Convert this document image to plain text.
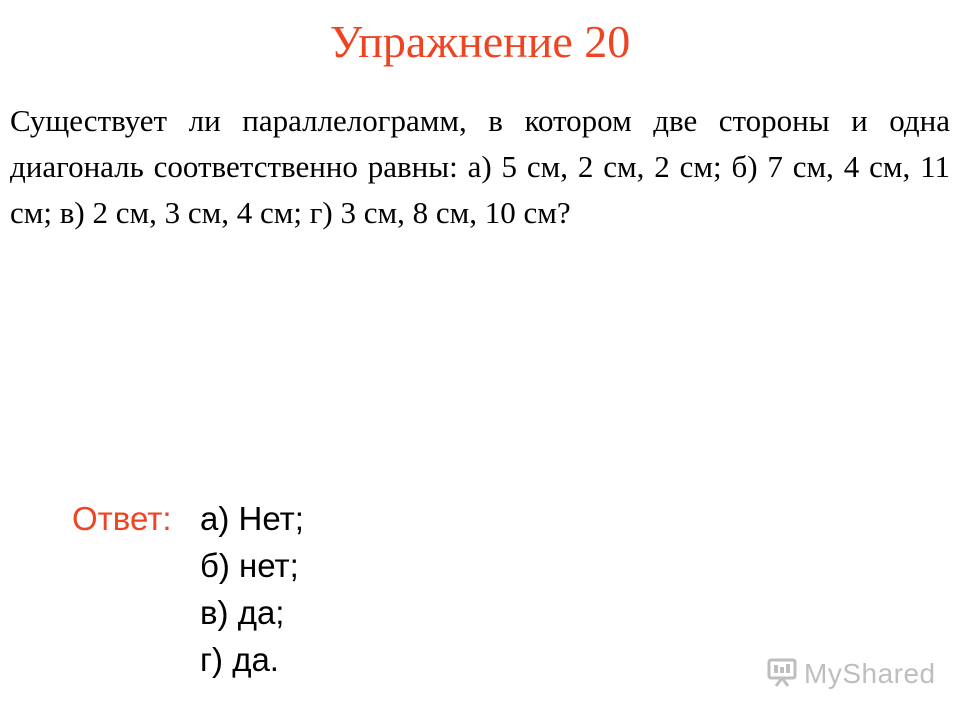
Упражнение 20
Существует ли параллелограмм, в котором две стороны и одна диагональ соответственно равны: а) 5 см, 2 см, 2 см; б) 7 см, 4 см, 11 см; в) 2 см, 3 см, 4 см; г) 3 см, 8 см, 10 см?
Ответ: а) Нет;
б) нет;
в) да;
г) да.	MyShared
